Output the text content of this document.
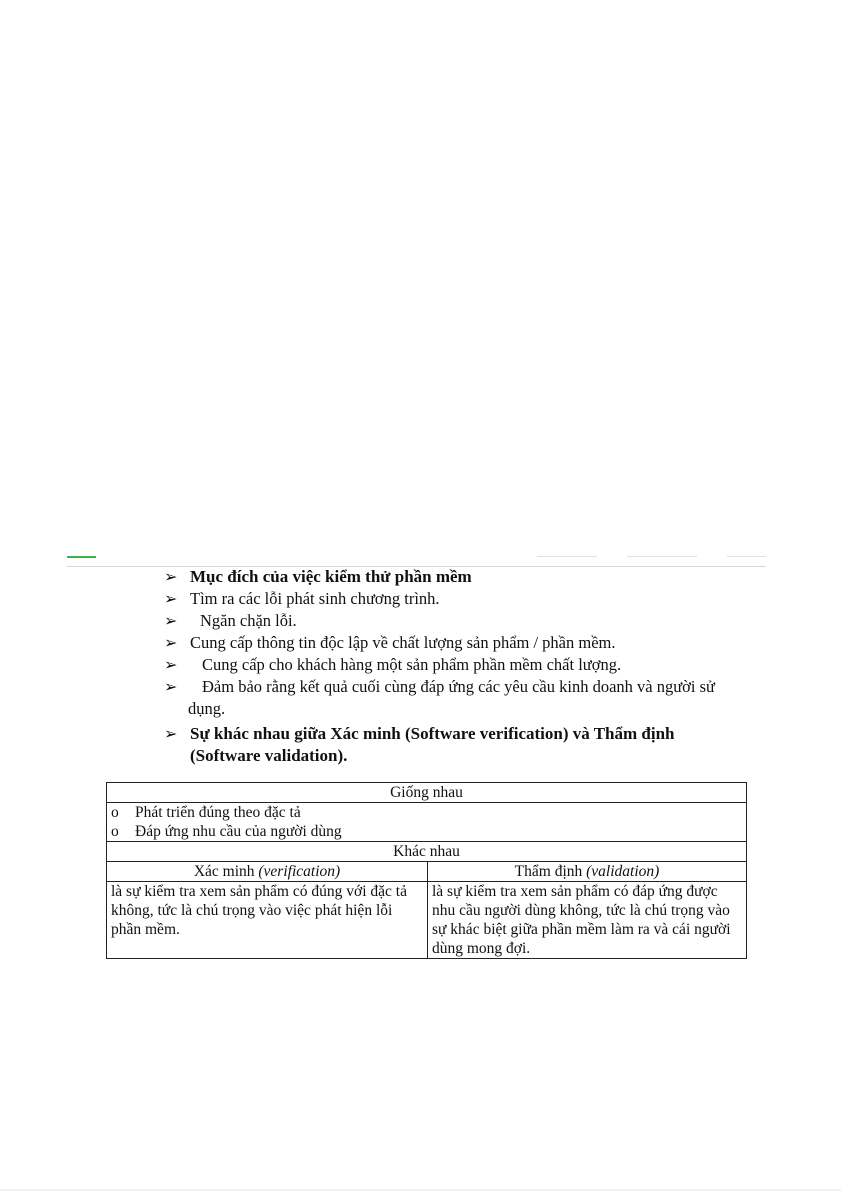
➢ Mục đích của việc kiểm thử phần mềm
➢ Tìm ra các lỗi phát sinh chương trình.
➢ Ngăn chặn lỗi.
➢ Cung cấp thông tin độc lập về chất lượng sản phẩm / phần mềm.
➢ Cung cấp cho khách hàng một sản phẩm phần mềm chất lượng.
➢ Đảm bảo rằng kết quả cuối cùng đáp ứng các yêu cầu kinh doanh và người sử dụng.
➢ Sự khác nhau giữa Xác minh (Software verification) và Thẩm định (Software validation).
Giống nhau	

o Phát triển đúng theo đặc tả
o Đáp ứng nhu cầu của người dùng	

Khác nhau	
Xác minh (verification)	Thẩm định (validation)
là sự kiểm tra xem sản phẩm có đúng với đặc tả không, tức là chú trọng vào việc phát hiện lỗi phần mềm.	là sự kiểm tra xem sản phẩm có đáp ứng được nhu cầu người dùng không, tức là chú trọng vào sự khác biệt giữa phần mềm làm ra và cái người dùng mong đợi.
